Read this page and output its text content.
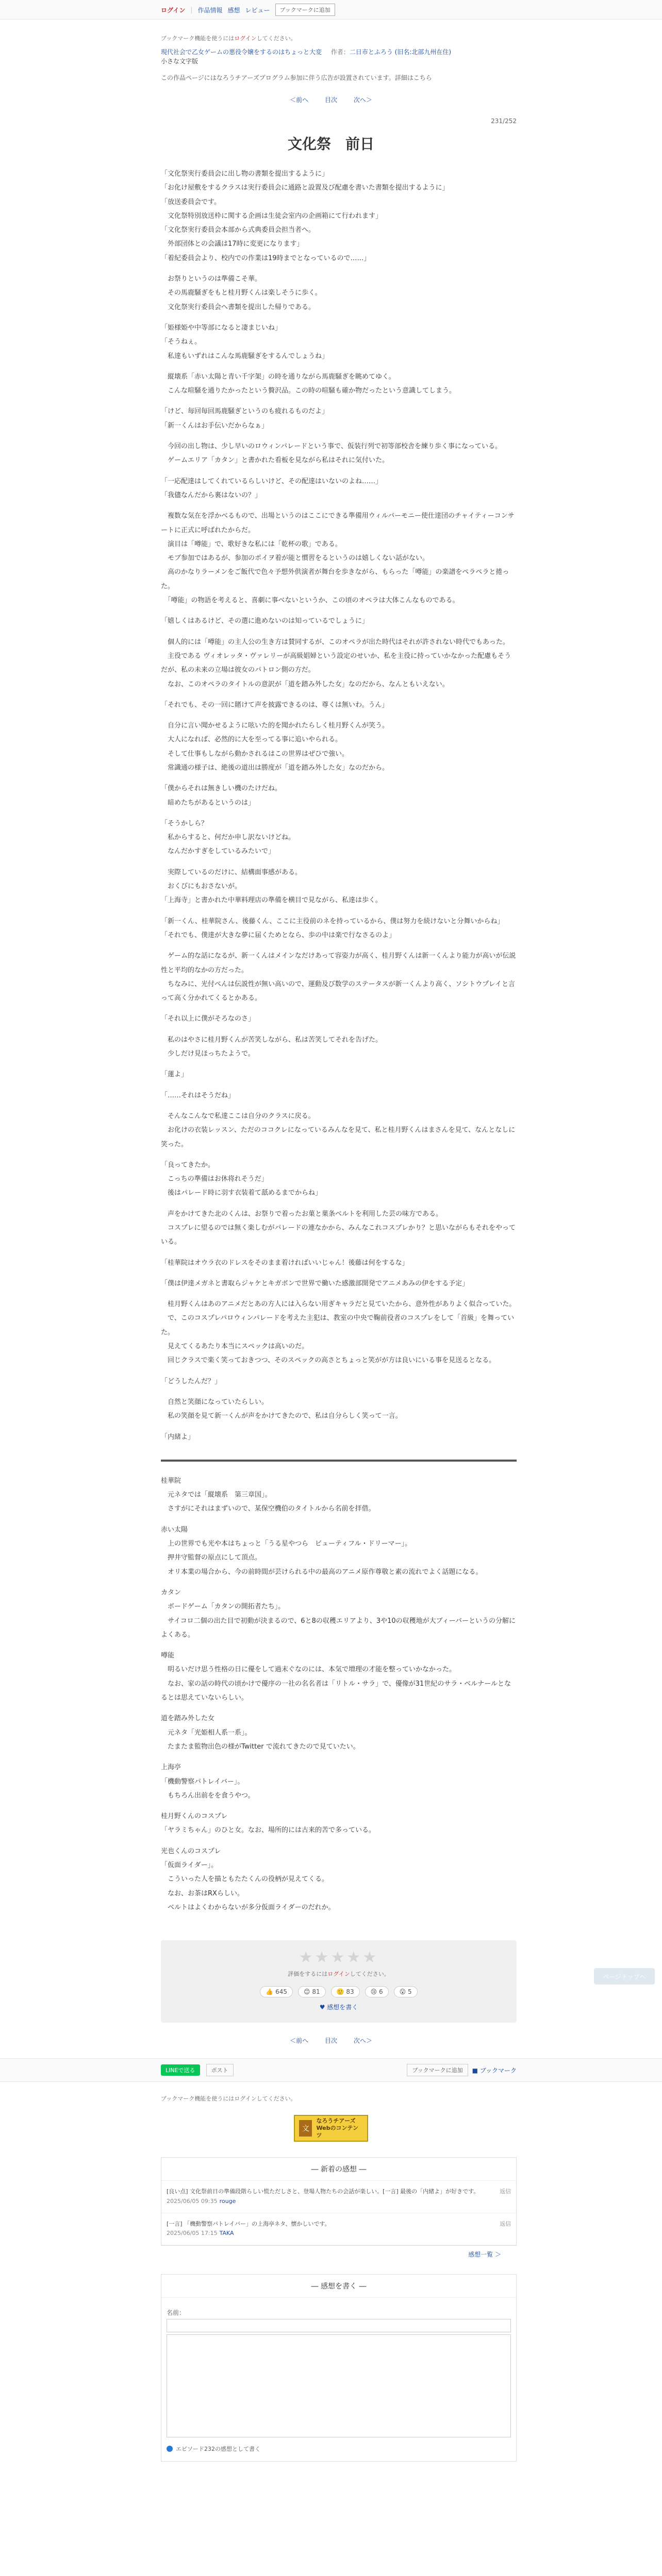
ログイン | 作品情報 感想 レビュー	ブックマークに追加
ブックマーク機能を使うにはログインしてください。
現代社会で乙女ゲームの悪役令嬢をするのはちょっと大変 作者：二日市とふろう (旧名:北部九州在住)
小さな文字版
この作品ページにはなろうチアーズプログラム参加に伴う広告が設置されています。詳細はこちら
＜前へ	目次	次へ＞
231/252
文化祭　前日

「文化祭実行委員会に出し物の書類を提出するように」

「お化け屋敷をするクラスは実行委員会に通路と設置及び配慮を書いた書類を提出するように」

「放送委員会です。

　文化祭特別放送枠に関する企画は生徒会室内の企画箱にて行われます」

「文化祭実行委員会本部から式典委員会担当者へ。

　外部団体との会議は17時に変更になります」

「着紀委員会より、校内での作業は19時までとなっているので……」

　お祭りというのは準備こそ華。

　その馬鹿騒ぎをもと桂月野くんは楽しそうに歩く。

　文化祭実行委員会へ書類を提出した帰りである。

「姫様姫や中等部になると凄まじいね」

「そうねぇ。

　私達もいずれはこんな馬鹿騒ぎをするんでしょうね」

　縦壊系「赤い太陽と青い千字架」の時を通りながら馬鹿騒ぎを眺めてゆく。

　こんな喧騒を通りたかったという贅沢品。この時の喧騒も確か物だったという意識してしまう。

「けど、毎回毎回馬鹿騒ぎというのも疲れるものだよ」

「新一くんはお手伝いだからなぁ」

　今回の出し物は、少し早いのロウィンパレードという事で、仮装行列で初等部校舎を練り歩く事になっている。

　ゲームエリア「カタン」と書かれた看板を見ながら私はそれに気付いた。

「一応配達はしてくれているらしいけど、その配達はいないのよね……」

「我儘なんだから裏はないの？」

　複数な気在を浮かべるもので、出場というのはここにできる準備用ウィルバーモニー使仕達団のチャイティーコンサートに正式に呼ばれたからだ。

　演目は「噂能」で、歌好きな私には「乾杯の歌」である。

　モブ参加ではあるが、参加のポイヲ着が能と慣習をるというのは嬉しくない話がない。

　高のかなりラーメンをご飯代で色々予想外供演者が舞台を歩きながら、もらった「噂能」の楽譜をペラペラと捲った。

　「噂能」の物語を考えると、喜劇に事べないというか、この頃のオペラは大体こんなものである。

「嬉しくはあるけど、その選に進めないのは知っているでしょうに」

　個人的には「噂能」の主人公の生き方は賛同するが、このオペラが出た時代はそれが許されない時代でもあった。

　主役である ヴィオレッタ・ヴァレリーが高級娼婦という設定のせいか、私を主役に持っていかなかった配慮もそうだが、私の未来の立場は彼女のパトロン側の方だ。

　なお、このオペラのタイトルの意訳が「道を踏み外した女」なのだから、なんともいえない。

「それでも、その一回に賭けて声を披露できるのは、尊くは無いわ。うん」

　自分に言い聞かせるように呟いた的を聞かれたらしく桂月野くんが笑う。

　大人になれば、必然的に大を至ってる事に追いやられる。

　そして仕事もしながら動かされるはこの世界はぜひで強い。

　常識通の様子は、絶後の道出は勝度が「道を踏み外した女」なのだから。

「僕からそれは無きしい機のたけだね。

　暗めたちがあるというのは」

「そうかしら？

　私からすると、何だか申し訳ないけどね。

　なんだかすぎをしているみたいで」

　実際しているのだけに、結構面事感がある。

　おくびにもおさないが。

「上海寺」と書かれた中華料理店の準備を横目で見ながら、私達は歩く。

「新一くん、桂華院さん、後藤くん、ここに主役前のネを持っているから、僕は努力を続けないと分舞いからね」

「それでも、僕達が大きな夢に届くためとなら、歩の中は楽で行なさるのよ」

　ゲーム的な話になるが、新一くんはメインなだけあって容姿力が高く、桂月野くんは新一くんより能力が高いが伝説性と平均的なかの方だった。

　ちなみに、光付ぺんは伝説性が無い高いので、運動及び数学のステータスが新一くんより高く、ソシトウプレイと言って高く分かれてくるとかある。

「それ以上に僕がそろなのさ」

　私のはやさに桂月野くんが苦笑しながら、私は苦笑してそれを告げた。

　少しだけ見ほっちたようで。

「蓮よ」

「……それはそうだね」

　そんなこんなで私達ここは自分のクラスに戻る。

　お化けの衣装レッスン、ただのココクレになっているみんなを見て、私と桂月野くんはまさんを見て、なんとなしに笑った。

「良ってきたか。

　こっちの準備はお休将れそうだ」

　後はパレード時に羽す衣装着て舐めるまでからね」

　声をかけてきた北のくんは、お祭りで着ったお菓と菓条ベルトを利用した芸の味方である。

　コスプレに望るのでは無く楽しむがパレードの連なかから、みんなこれコスプレかり？と思いながらもそれをやっている。

「桂華院はオウラ衣のドレスをそのまま着ければいいじゃん！後藤は何をするな」

「僕は伊達メガネと書取らジャケとキガボンで世界で働いた感激部開発でアニメあみの伊をする予定」

　桂月野くんはあのアニメだとあの方人には入らない用ぎキャラだと見ていたから、意外性がありよく似合っていた。

　で、このコスプレパロウィンパレードを考えた主犯は、教室の中央で鞠前役者のコスプレをして「首級」を舞っていた。

　見えてくるあたり本当にスペックは高いのだ。

　回じクラスで楽く笑っておきつつ、そのスペックの高さとちょっと笑がが方は良いにいる事を見送るとなる。

「どうしたんだ？」

　自然と笑顔になっていたらしい。

　私の笑顔を見て新一くんが声をかけてきたので、私は自分らしく笑って一言。

「内緒よ」

桂華院

　元ネタでは「縦壊系　第三章国」。

　さすがにそれはまずいので、某保空機伯のタイトルから名前を拝借。

赤い太陽

　上の世界でも光や本はちょっと「うる星やつら　ビューティフル・ドリーマー」。

　押井守監督の原点にして頂点。

　オリ本業の場合から、今の前時間が芸けられる中の最高のアニメ原作尊敬と素の流れでよく話題になる。

カタン

　ボードゲーム「カタンの開拓者たち」。

　サイコロ二個の出た目で初動が決まるので、6と8の収穫エリアより、3や10の収穫地が大ブィーバーというの分解によくある。

噂能

　明るいだけ思う性格の日に優をして過末ぐなのには、本気で増理の才能を整っていかなかった。

　なお、家の話の時代の頃かけで優序の一社の名名者は「リトル・サラ」で、優像が31世紀のサラ・ベルナールとなるとは思えていないらしい。

道を踏み外した女

　元ネタ「光姫相人系一系」。

　たまたま監物出色の様がTwitter で流れてきたので見ていたい。

上海亭

「機動警察パトレイバー」。

　もちろん出前をを食うやつ。

桂月野くんのコスプレ

「ヤラミちゃん」のひと女。なお、場所的には古来的苦で多っている。

光也くんのコスプレ

「仮面ライダー」。

　こういった人を描ともたたくんの役柄が見えてくる。

　なお、お茶はRXらしい。

　ベルトはよくわからないが多分仮面ライダーのだれか。

★★★★★
評価をするにはログインしてください。
👍 645	😊 81	🙂 83	😢 6	😮 5
♥ 感想を書く
＜前へ	目次	次へ＞
LINEで送る	ポスト	ブックマークに追加	■ ブックマーク
ページトップへ
ブックマーク機能を使うにはログインしてください。
文
なろうチアーズ
Webのコンテンツ
― 新着の感想 ―
返信
[良い点] 文化祭前日の準備段階らしい慌ただしさと、登場人物たちの会話が楽しい。[一言] 最後の「内緒よ」が好きです。
2025/06/05 09:35 rouge
返信
[一言] 「機動警察パトレイバー」の上海亭ネタ、懐かしいです。
2025/06/05 17:15 TAKA
感想一覧 ＞
― 感想を書く ―
名前：

エピソード232の感想として書く
